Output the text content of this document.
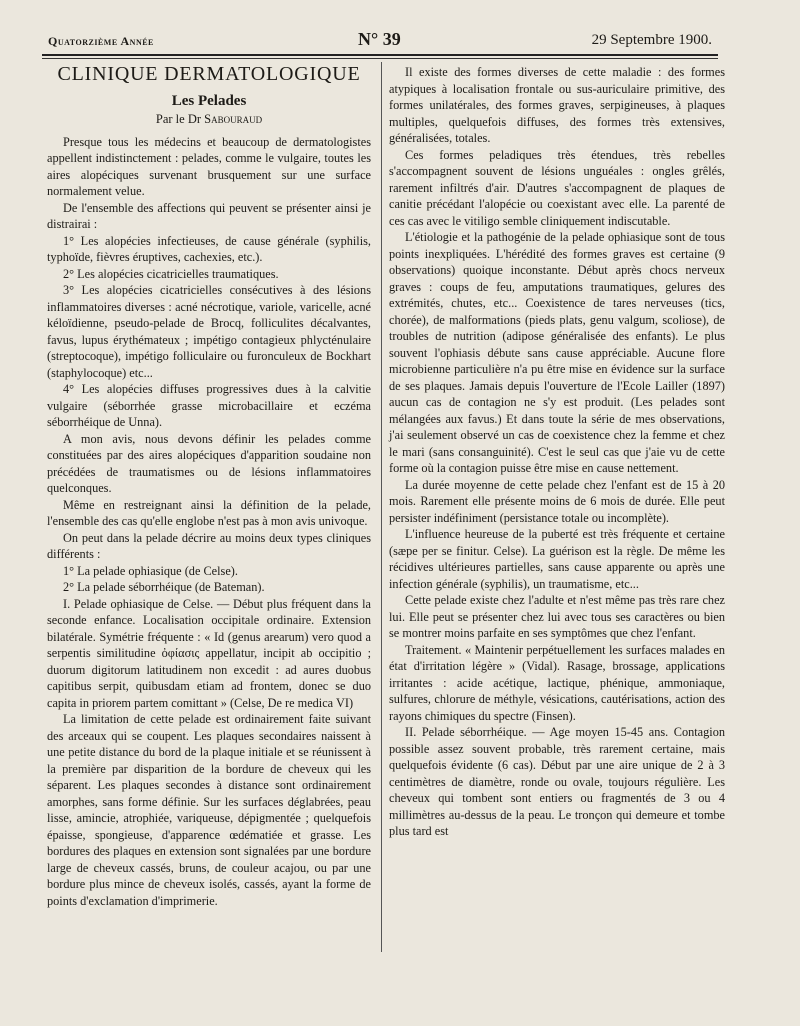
Quatorzième Année	N° 39	29 Septembre 1900.
CLINIQUE DERMATOLOGIQUE
Les Pelades
Par le Dr Sabouraud

Presque tous les médecins et beaucoup de dermatologistes appellent indistinctement : pelades, comme le vulgaire, toutes les aires alopéciques survenant brusquement sur une surface normalement velue.

De l'ensemble des affections qui peuvent se présenter ainsi je distrairai :

1° Les alopécies infectieuses, de cause générale (syphilis, typhoïde, fièvres éruptives, cachexies, etc.).

2° Les alopécies cicatricielles traumatiques.

3° Les alopécies cicatricielles consécutives à des lésions inflammatoires diverses : acné nécrotique, variole, varicelle, acné kéloïdienne, pseudo-pelade de Brocq, folliculites décalvantes, favus, lupus érythémateux ; impétigo contagieux phlycténulaire (streptocoque), impétigo folliculaire ou furonculeux de Bockhart (staphylocoque) etc...

4° Les alopécies diffuses progressives dues à la calvitie vulgaire (séborrhée grasse microbacillaire et eczéma séborrhéique de Unna).

A mon avis, nous devons définir les pelades comme constituées par des aires alopéciques d'apparition soudaine non précédées de traumatismes ou de lésions inflammatoires quelconques.

Même en restreignant ainsi la définition de la pelade, l'ensemble des cas qu'elle englobe n'est pas à mon avis univoque.

On peut dans la pelade décrire au moins deux types cliniques différents :

1° La pelade ophiasique (de Celse).

2° La pelade séborrhéique (de Bateman).

I. Pelade ophiasique de Celse. — Début plus fréquent dans la seconde enfance. Localisation occipitale ordinaire. Extension bilatérale. Symétrie fréquente : « Id (genus arearum) vero quod a serpentis similitudine ὀφίασις appellatur, incipit ab occipitio ; duorum digitorum latitudinem non excedit : ad aures duobus capitibus serpit, quibusdam etiam ad frontem, donec se duo capita in priorem partem comittant » (Celse, De re medica VI)

La limitation de cette pelade est ordinairement faite suivant des arceaux qui se coupent. Les plaques secondaires naissent à une petite distance du bord de la plaque initiale et se réunissent à la première par disparition de la bordure de cheveux qui les séparent. Les plaques secondes à distance sont ordinairement amorphes, sans forme définie. Sur les surfaces déglabrées, peau lisse, amincie, atrophiée, variqueuse, dépigmentée ; quelquefois épaisse, spongieuse, d'apparence œdématiée et grasse. Les bordures des plaques en extension sont signalées par une bordure large de cheveux cassés, bruns, de couleur acajou, ou par une bordure plus mince de cheveux isolés, cassés, ayant la forme de points d'exclamation d'imprimerie.

Il existe des formes diverses de cette maladie : des formes atypiques à localisation frontale ou sus-auriculaire primitive, des formes unilatérales, des formes graves, serpigineuses, à plaques multiples, quelquefois diffuses, des formes très extensives, généralisées, totales.

Ces formes peladiques très étendues, très rebelles s'accompagnent souvent de lésions unguéales : ongles grêlés, rarement infiltrés d'air. D'autres s'accompagnent de plaques de canitie précédant l'alopécie ou coexistant avec elle. La parenté de ces cas avec le vitiligo semble cliniquement indiscutable.

L'étiologie et la pathogénie de la pelade ophiasique sont de tous points inexpliquées. L'hérédité des formes graves est certaine (9 observations) quoique inconstante. Début après chocs nerveux graves : coups de feu, amputations traumatiques, gelures des extrémités, chutes, etc... Coexistence de tares nerveuses (tics, chorée), de malformations (pieds plats, genu valgum, scoliose), de troubles de nutrition (adipose généralisée des enfants). Le plus souvent l'ophiasis débute sans cause appréciable. Aucune flore microbienne particulière n'a pu être mise en évidence sur la surface de ses plaques. Jamais depuis l'ouverture de l'Ecole Lailler (1897) aucun cas de contagion ne s'y est produit. (Les pelades sont mélangées aux favus.) Et dans toute la série de mes observations, j'ai seulement observé un cas de coexistence chez la femme et chez le mari (sans consanguinité). C'est le seul cas que j'aie vu de cette forme où la contagion puisse être mise en cause nettement.

La durée moyenne de cette pelade chez l'enfant est de 15 à 20 mois. Rarement elle présente moins de 6 mois de durée. Elle peut persister indéfiniment (persistance totale ou incomplète).

L'influence heureuse de la puberté est très fréquente et certaine (sæpe per se finitur. Celse). La guérison est la règle. De même les récidives ultérieures partielles, sans cause apparente ou après une infection générale (syphilis), un traumatisme, etc...

Cette pelade existe chez l'adulte et n'est même pas très rare chez lui. Elle peut se présenter chez lui avec tous ses caractères ou bien se montrer moins parfaite en ses symptômes que chez l'enfant.

Traitement. « Maintenir perpétuellement les surfaces malades en état d'irritation légère » (Vidal). Rasage, brossage, applications irritantes : acide acétique, lactique, phénique, ammoniaque, sulfures, chlorure de méthyle, vésications, cautérisations, action des rayons chimiques du spectre (Finsen).

II. Pelade séborrhéique. — Age moyen 15-45 ans. Contagion possible assez souvent probable, très rarement certaine, mais quelquefois évidente (6 cas). Début par une aire unique de 2 à 3 centimètres de diamètre, ronde ou ovale, toujours régulière. Les cheveux qui tombent sont entiers ou fragmentés de 3 ou 4 millimètres au-dessus de la peau. Le tronçon qui demeure et tombe plus tard est
